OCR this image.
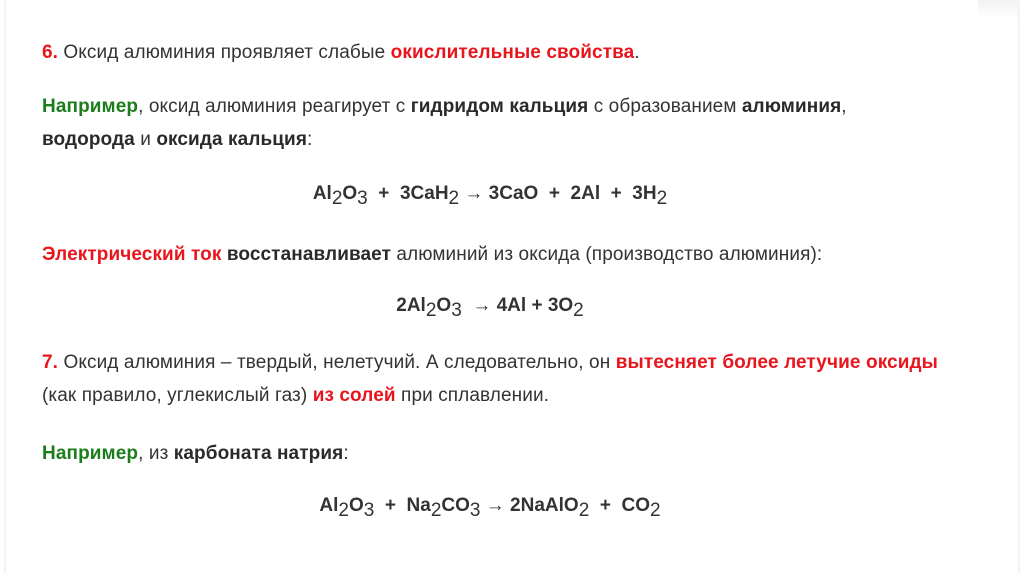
6. Оксид алюминия проявляет слабые окислительные свойства.

Например, оксид алюминия реагирует с гидридом кальция с образованием алюминия,
водорода и оксида кальция:

$Al_2O_3 + 3CaH_2 \to 3CaO + 2Al + 3H_2$

Электрический ток восстанавливает алюминий из оксида (производство алюминия):

$2Al_2O_3 \to 4Al + 3O_2$

7. Оксид алюминия – твердый, нелетучий. А следовательно, он вытесняет более летучие оксиды (как правило, углекислый газ) из солей при сплавлении.

Например, из карбоната натрия:

$Al_2O_3 + Na_2CO_3$ → 2NaAlO$_2$  +  $CO_2$
